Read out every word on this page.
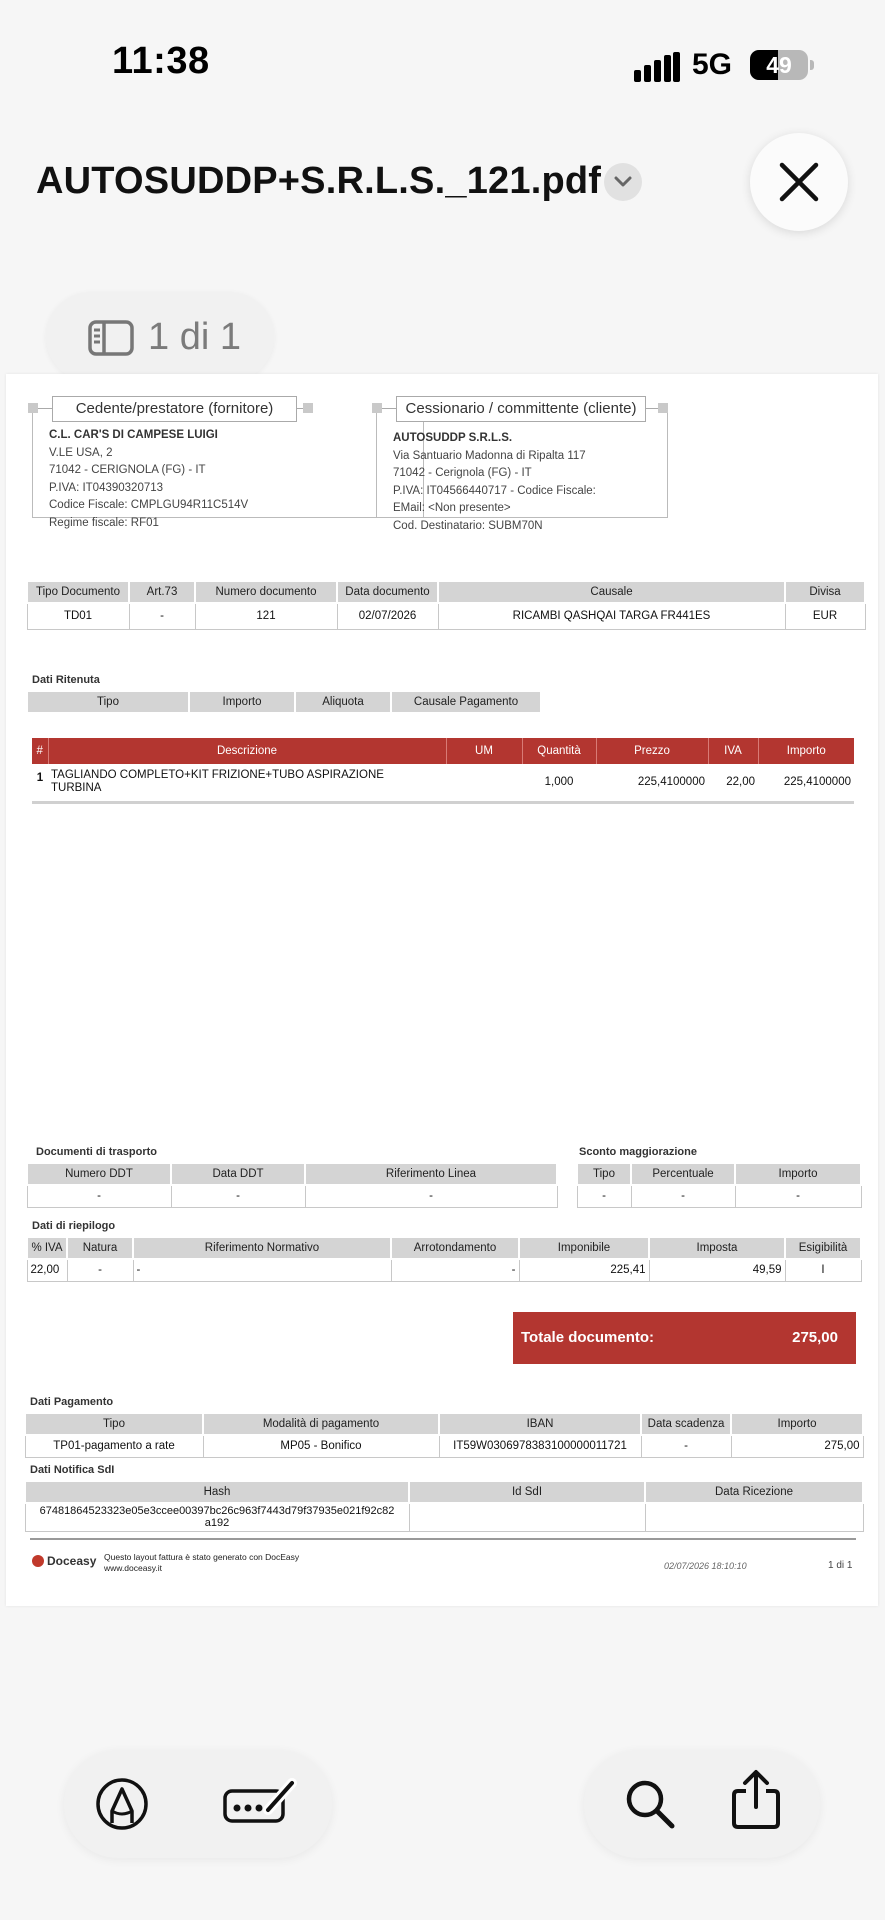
11:38	5G	49
AUTOSUDDP+S.R.L.S._121.pdf
1 di 1
Cedente/prestatore (fornitore)
C.L. CAR'S DI CAMPESE LUIGI
V.LE USA, 2
71042 - CERIGNOLA (FG) - IT
P.IVA: IT04390320713
Codice Fiscale: CMPLGU94R11C514V
Regime fiscale: RF01
Cessionario / committente (cliente)
AUTOSUDDP S.R.L.S.
Via Santuario Madonna di Ripalta 117
71042 - Cerignola (FG) - IT
P.IVA: IT04566440717 - Codice Fiscale:
EMail: <Non presente>
Cod. Destinatario: SUBM70N
Tipo Documento	Art.73	Numero documento	Data documento	Causale	Divisa
TD01	-	121	02/07/2026	RICAMBI QASHQAI TARGA FR441ES	EUR
Dati Ritenuta
Tipo	Importo	Aliquota	Causale Pagamento
#	Descrizione	UM	Quantità	Prezzo	IVA	Importo
1	TAGLIANDO COMPLETO+KIT FRIZIONE+TUBO ASPIRAZIONE
TURBINA		1,000	225,4100000	22,00	225,4100000
Documenti di trasporto
Numero DDT	Data DDT	Riferimento Linea
-	-	-
Sconto maggiorazione
Tipo	Percentuale	Importo
-	-	-
Dati di riepilogo
% IVA	Natura	Riferimento Normativo	Arrotondamento	Imponibile	Imposta	Esigibilità
22,00	-	-	-	225,41	49,59	I
Totale documento:	275,00
Dati Pagamento
Tipo	Modalità di pagamento	IBAN	Data scadenza	Importo
TP01-pagamento a rate	MP05 - Bonifico	IT59W0306978383100000011721	-	275,00
Dati Notifica SdI
Hash	Id SdI	Data Ricezione

67481864523323e05e3ccee00397bc26c963f7443d79f37935e021f92c82
a192		

Doceasy Questo layout fattura è stato generato con DocEasy
www.doceasy.it	02/07/2026 18:10:10	1 di 1
